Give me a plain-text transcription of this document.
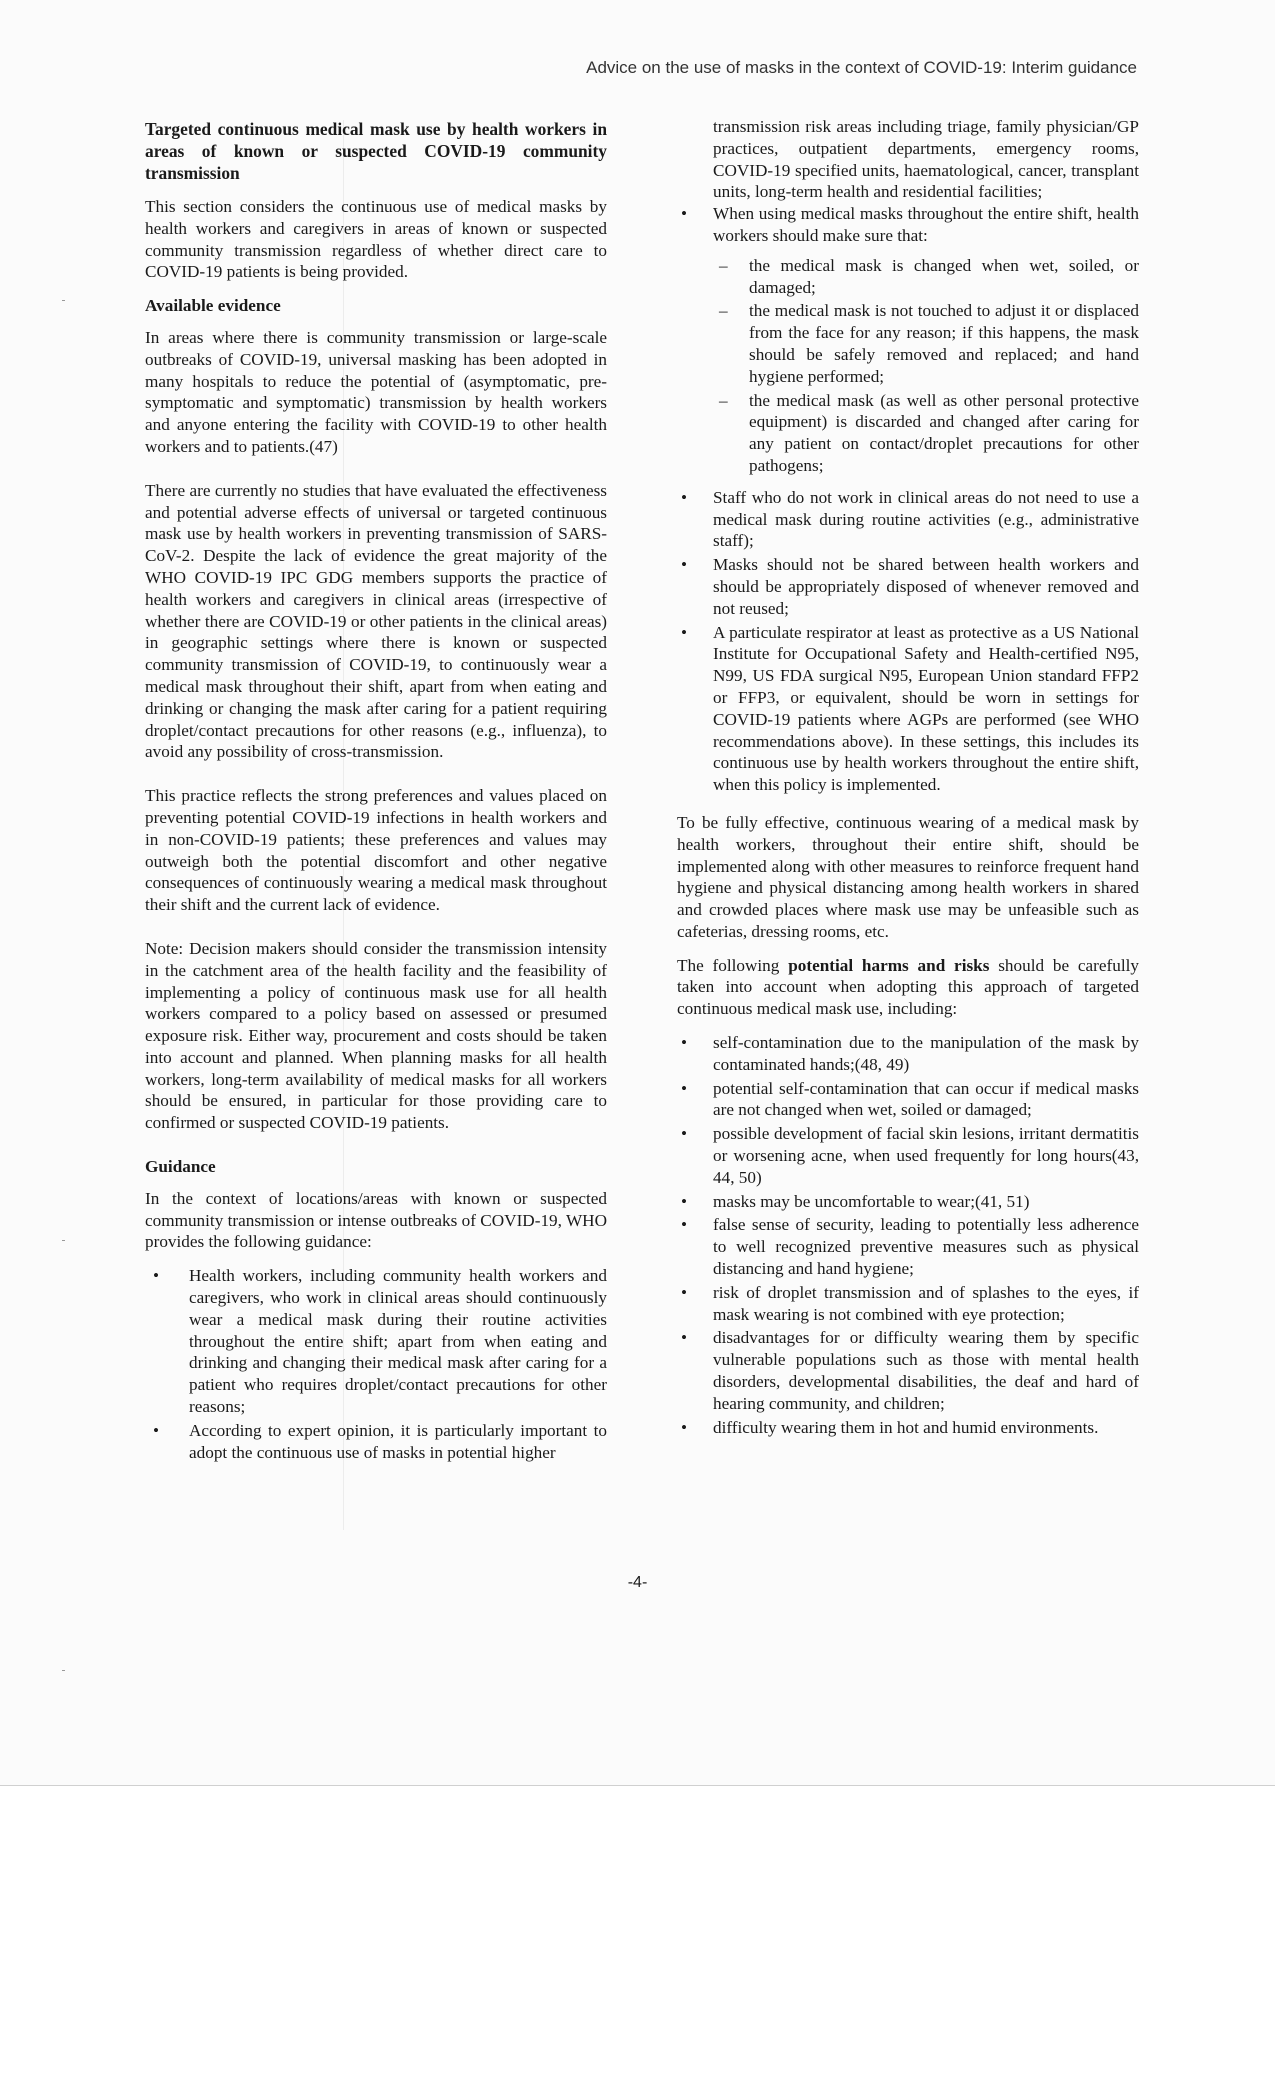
Advice on the use of masks in the context of COVID-19: Interim guidance
Targeted continuous medical mask use by health workers in areas of known or suspected COVID-19 community transmission

This section considers the continuous use of medical masks by health workers and caregivers in areas of known or suspected community transmission regardless of whether direct care to COVID-19 patients is being provided.

Available evidence

In areas where there is community transmission or large-scale outbreaks of COVID-19, universal masking has been adopted in many hospitals to reduce the potential of (asymptomatic, pre-symptomatic and symptomatic) transmission by health workers and anyone entering the facility with COVID-19 to other health workers and to patients.(47)

There are currently no studies that have evaluated the effectiveness and potential adverse effects of universal or targeted continuous mask use by health workers in preventing transmission of SARS-CoV-2. Despite the lack of evidence the great majority of the WHO COVID-19 IPC GDG members supports the practice of health workers and caregivers in clinical areas (irrespective of whether there are COVID-19 or other patients in the clinical areas) in geographic settings where there is known or suspected community transmission of COVID-19, to continuously wear a medical mask throughout their shift, apart from when eating and drinking or changing the mask after caring for a patient requiring droplet/contact precautions for other reasons (e.g., influenza), to avoid any possibility of cross-transmission.

This practice reflects the strong preferences and values placed on preventing potential COVID-19 infections in health workers and in non-COVID-19 patients; these preferences and values may outweigh both the potential discomfort and other negative consequences of continuously wearing a medical mask throughout their shift and the current lack of evidence.

Note: Decision makers should consider the transmission intensity in the catchment area of the health facility and the feasibility of implementing a policy of continuous mask use for all health workers compared to a policy based on assessed or presumed exposure risk. Either way, procurement and costs should be taken into account and planned. When planning masks for all health workers, long-term availability of medical masks for all workers should be ensured, in particular for those providing care to confirmed or suspected COVID-19 patients.

Guidance

In the context of locations/areas with known or suspected community transmission or intense outbreaks of COVID-19, WHO provides the following guidance:

• Health workers, including community health workers and caregivers, who work in clinical areas should continuously wear a medical mask during their routine activities throughout the entire shift; apart from when eating and drinking and changing their medical mask after caring for a patient who requires droplet/contact precautions for other reasons;
• According to expert opinion, it is particularly important to adopt the continuous use of masks in potential higher

transmission risk areas including triage, family physician/GP practices, outpatient departments, emergency rooms, COVID-19 specified units, haematological, cancer, transplant units, long-term health and residential facilities;

• When using medical masks throughout the entire shift, health workers should make sure that:
– the medical mask is changed when wet, soiled, or damaged;
– the medical mask is not touched to adjust it or displaced from the face for any reason; if this happens, the mask should be safely removed and replaced; and hand hygiene performed;
– the medical mask (as well as other personal protective equipment) is discarded and changed after caring for any patient on contact/droplet precautions for other pathogens;
• Staff who do not work in clinical areas do not need to use a medical mask during routine activities (e.g., administrative staff);
• Masks should not be shared between health workers and should be appropriately disposed of whenever removed and not reused;
• A particulate respirator at least as protective as a US National Institute for Occupational Safety and Health-certified N95, N99, US FDA surgical N95, European Union standard FFP2 or FFP3, or equivalent, should be worn in settings for COVID-19 patients where AGPs are performed (see WHO recommendations above). In these settings, this includes its continuous use by health workers throughout the entire shift, when this policy is implemented.

To be fully effective, continuous wearing of a medical mask by health workers, throughout their entire shift, should be implemented along with other measures to reinforce frequent hand hygiene and physical distancing among health workers in shared and crowded places where mask use may be unfeasible such as cafeterias, dressing rooms, etc.

The following potential harms and risks should be carefully taken into account when adopting this approach of targeted continuous medical mask use, including:

• self-contamination due to the manipulation of the mask by contaminated hands;(48, 49)
• potential self-contamination that can occur if medical masks are not changed when wet, soiled or damaged;
• possible development of facial skin lesions, irritant dermatitis or worsening acne, when used frequently for long hours(43, 44, 50)
• masks may be uncomfortable to wear;(41, 51)
• false sense of security, leading to potentially less adherence to well recognized preventive measures such as physical distancing and hand hygiene;
• risk of droplet transmission and of splashes to the eyes, if mask wearing is not combined with eye protection;
• disadvantages for or difficulty wearing them by specific vulnerable populations such as those with mental health disorders, developmental disabilities, the deaf and hard of hearing community, and children;
• difficulty wearing them in hot and humid environments.
-4-
